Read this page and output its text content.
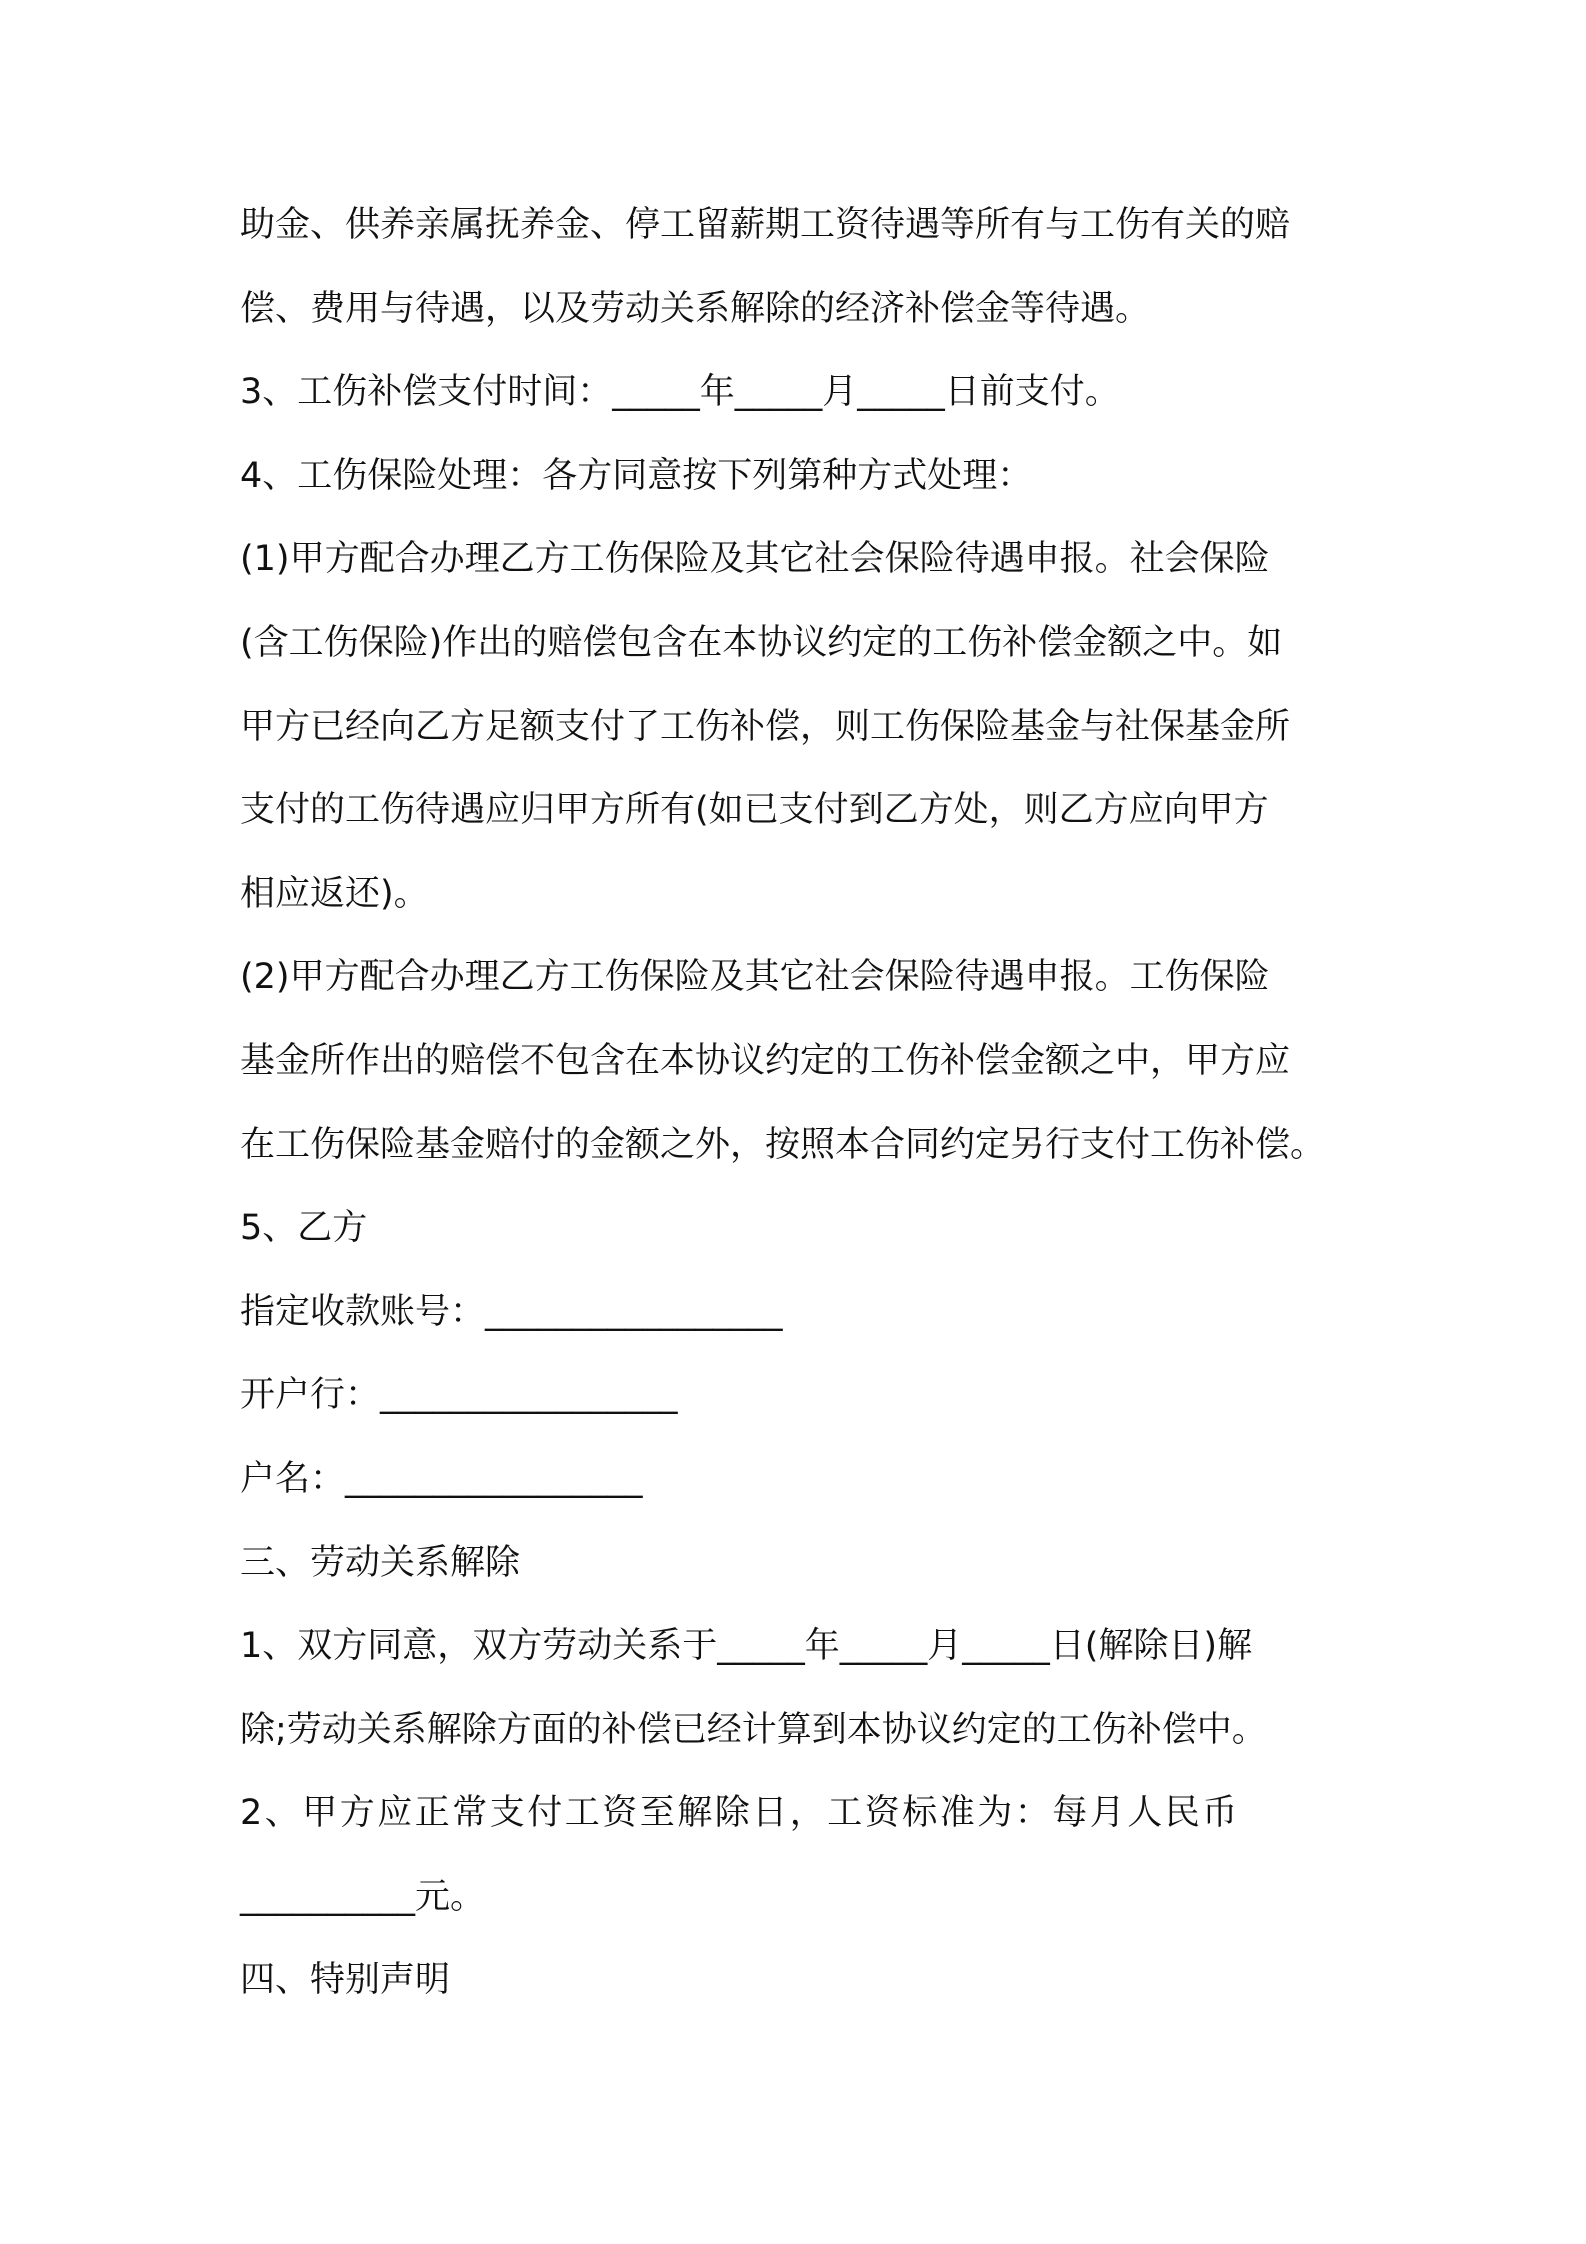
助金、供养亲属抚养金、停工留薪期工资待遇等所有与工伤有关的赔
偿、费用与待遇，以及劳动关系解除的经济补偿金等待遇。
3、工伤补偿支付时间：_____年_____月_____日前支付。
4、工伤保险处理：各方同意按下列第种方式处理：
(1)甲方配合办理乙方工伤保险及其它社会保险待遇申报。社会保险
(含工伤保险)作出的赔偿包含在本协议约定的工伤补偿金额之中。如
甲方已经向乙方足额支付了工伤补偿，则工伤保险基金与社保基金所
支付的工伤待遇应归甲方所有(如已支付到乙方处，则乙方应向甲方
相应返还)。
(2)甲方配合办理乙方工伤保险及其它社会保险待遇申报。工伤保险
基金所作出的赔偿不包含在本协议约定的工伤补偿金额之中，甲方应
在工伤保险基金赔付的金额之外，按照本合同约定另行支付工伤补偿。
5、乙方
指定收款账号：_________________
开户行：_________________
户名：_________________
三、劳动关系解除
1、双方同意，双方劳动关系于_____年_____月_____日(解除日)解
除;劳动关系解除方面的补偿已经计算到本协议约定的工伤补偿中。
2、甲方应正常支付工资至解除日，工资标准为：每月人民币
__________元。
四、特别声明
